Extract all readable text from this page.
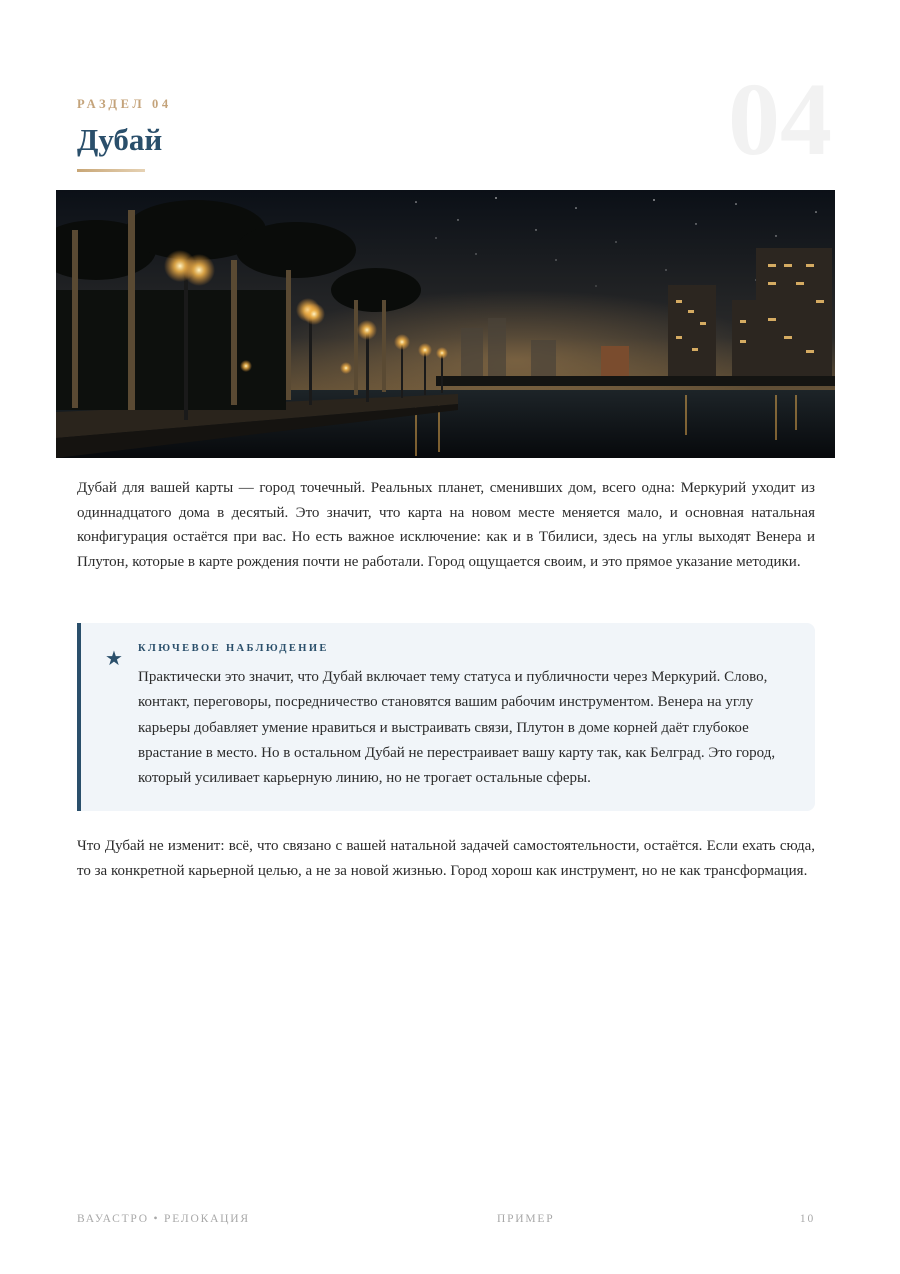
РАЗДЕЛ 04	04
Дубай

Дубай для вашей карты — город точечный. Реальных планет, сменивших дом, всего одна: Меркурий уходит из одиннадцатого дома в десятый. Это значит, что карта на новом месте меняется мало, и основная натальная конфигурация остаётся при вас. Но есть важное исключение: как и в Тбилиси, здесь на углы выходят Венера и Плутон, которые в карте рождения почти не работали. Город ощущается своим, и это прямое указание методики.

★ КЛЮЧЕВОЕ НАБЛЮДЕНИЕ

Практически это значит, что Дубай включает тему статуса и публичности через Меркурий. Слово, контакт, переговоры, посредничество становятся вашим рабочим инструментом. Венера на углу карьеры добавляет умение нравиться и выстраивать связи, Плутон в доме корней даёт глубокое врастание в место. Но в остальном Дубай не перестраивает вашу карту так, как Белград. Это город, который усиливает карьерную линию, но не трогает остальные сферы.

Что Дубай не изменит: всё, что связано с вашей натальной задачей самостоятельности, остаётся. Если ехать сюда, то за конкретной карьерной целью, а не за новой жизнью. Город хорош как инструмент, но не как трансформация.

ВАУАСТРО • РЕЛОКАЦИЯ	ПРИМЕР	10
